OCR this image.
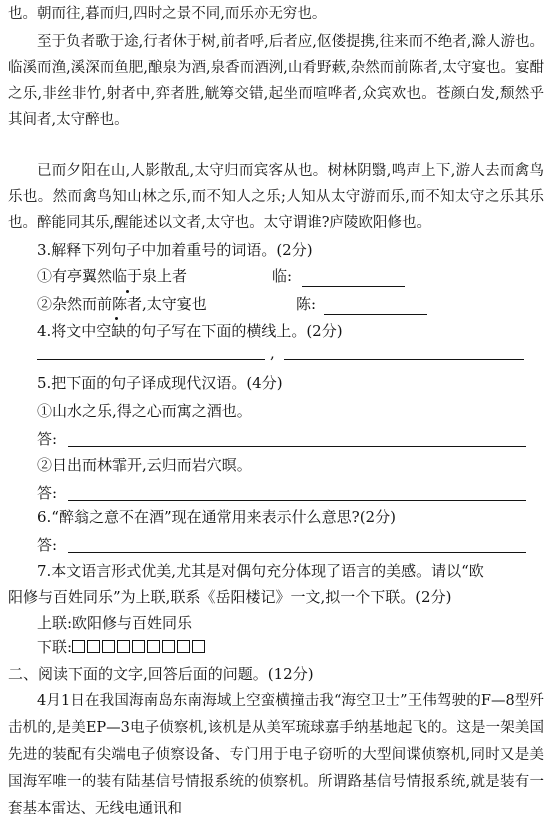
也。朝而往,暮而归,四时之景不同,而乐亦无穷也。

至于负者歌于途,行者休于树,前者呼,后者应,伛偻提携,往来而不绝者,滁人游也。临溪而渔,溪深而鱼肥,酿泉为酒,泉香而酒洌,山肴野蔌,杂然而前陈者,太守宴也。宴酣之乐,非丝非竹,射者中,弈者胜,觥筹交错,起坐而喧哗者,众宾欢也。苍颜白发,颓然乎其间者,太守醉也。

已而夕阳在山,人影散乱,太守归而宾客从也。树林阴翳,鸣声上下,游人去而禽鸟乐也。然而禽鸟知山林之乐,而不知人之乐;人知从太守游而乐,而不知太守之乐其乐也。醉能同其乐,醒能述以文者,太守也。太守谓谁?庐陵欧阳修也。

3.解释下列句子中加着重号的词语。(2分)
①有亭翼然临于泉上者	临:
②杂然而前陈者,太守宴也	陈:
4.将文中空缺的句子写在下面的横线上。(2分)
,
5.把下面的句子译成现代汉语。(4分)
①山水之乐,得之心而寓之酒也。
答:
②日出而林霏开,云归而岩穴暝。
答:
6.“醉翁之意不在酒”现在通常用来表示什么意思?(2分)
答:
7.本文语言形式优美,尤其是对偶句充分体现了语言的美感。请以“欧
阳修与百姓同乐”为上联,联系《岳阳楼记》一文,拟一个下联。(2分)
上联:欧阳修与百姓同乐
下联:
二、阅读下面的文字,回答后面的问题。(12分)

4月1日在我国海南岛东南海域上空蛮横撞击我“海空卫士”王伟驾驶的F—8型歼击机的,是美EP—3电子侦察机,该机是从美军琉球嘉手纳基地起飞的。这是一架美国先进的装配有尖端电子侦察设备、专门用于电子窃听的大型间谍侦察机,同时又是美国海军唯一的装有陆基信号情报系统的侦察机。所谓路基信号情报系统,就是装有一套基本雷达、无线电通讯和
